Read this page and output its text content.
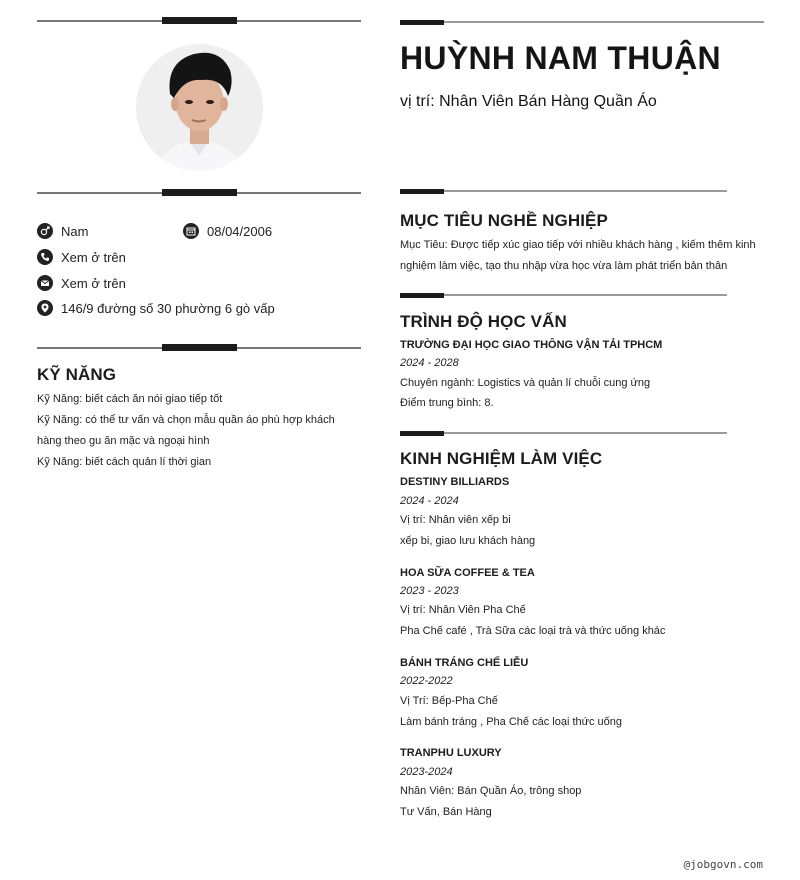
Nam	08/04/2006
Xem ở trên
Xem ở trên
146/9 đường số 30 phường 6 gò vấp
KỸ NĂNG
Kỹ Năng: biết cách ăn nói giao tiếp tốt
Kỹ Năng: có thể tư vấn và chọn mẫu quần áo phù hợp khách
hàng theo gu ăn mặc và ngoại hình
Kỹ Năng: biết cách quản lí thời gian
HUỲNH NAM THUẬN
vị trí: Nhân Viên Bán Hàng Quần Áo
MỤC TIÊU NGHỀ NGHIỆP
Mục Tiêu: Được tiếp xúc giao tiếp với nhiều khách hàng , kiếm thêm kinh
nghiệm làm việc, tạo thu nhập vừa học vừa làm phát triển bản thân
TRÌNH ĐỘ HỌC VẤN
TRƯỜNG ĐẠI HỌC GIAO THÔNG VẬN TẢI TPHCM
2024 - 2028
Chuyên ngành: Logistics và quản lí chuỗi cung ứng
Điểm trung bình: 8.
KINH NGHIỆM LÀM VIỆC
DESTINY BILLIARDS
2024 - 2024
Vị trí: Nhân viên xếp bi
xếp bi, giao lưu khách hàng
HOA SỮA COFFEE & TEA
2023 - 2023
Vị trí: Nhân Viên Pha Chế
Pha Chế café , Trà Sữa các loại trà và thức uống khác
BÁNH TRÁNG CHẾ LIỄU
2022-2022
Vị Trí: Bếp-Pha Chế
Làm bánh tráng , Pha Chế các loại thức uống
TRANPHU LUXURY
2023-2024
Nhân Viên: Bán Quần Áo, trông shop
Tư Vấn, Bán Hàng
@jobgovn.com
